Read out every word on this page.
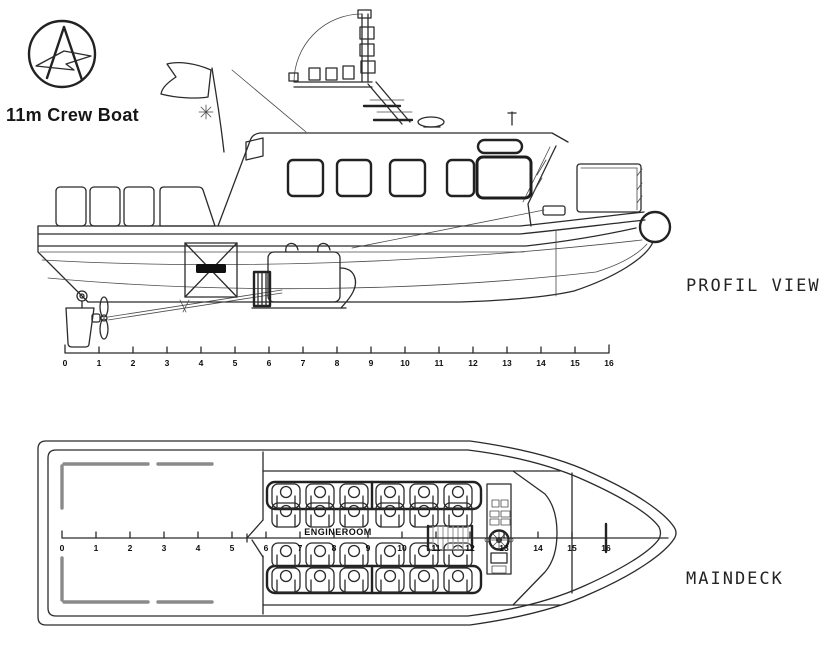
11m Crew Boat
0	1	2	3	4	5	6	7	8	9	10	11	12	13	14	15	16
PROFIL VIEW
ENGINEROOM
0	1	2	3	4	5	6	7	8	9	10	11	12	13	14	15	16
MAINDECK
